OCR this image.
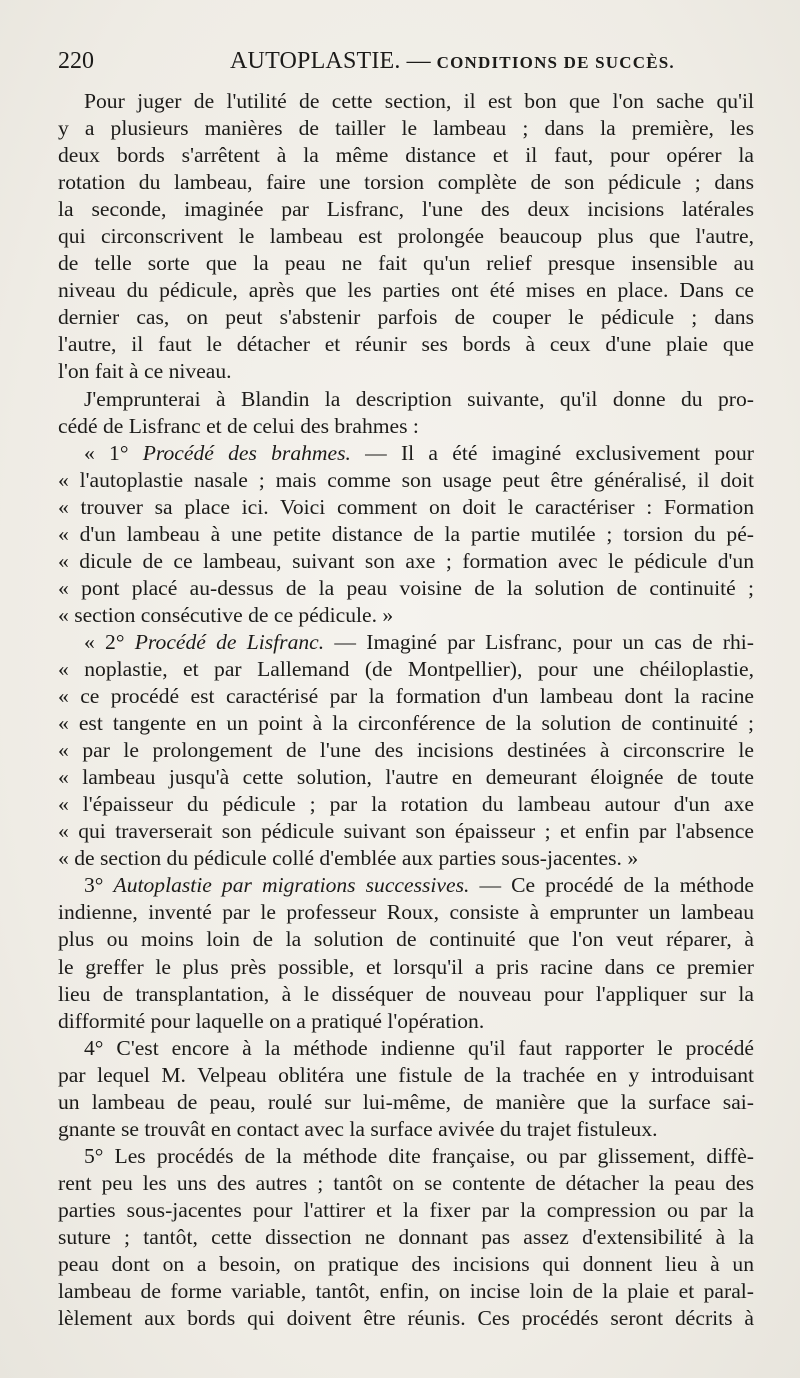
220	AUTOPLASTIE. — CONDITIONS DE SUCCÈS.
Pour juger de l'utilité de cette section, il est bon que l'on sache qu'il
y a plusieurs manières de tailler le lambeau ; dans la première, les
deux bords s'arrêtent à la même distance et il faut, pour opérer la
rotation du lambeau, faire une torsion complète de son pédicule ; dans
la seconde, imaginée par Lisfranc, l'une des deux incisions latérales
qui circonscrivent le lambeau est prolongée beaucoup plus que l'autre,
de telle sorte que la peau ne fait qu'un relief presque insensible au
niveau du pédicule, après que les parties ont été mises en place. Dans ce
dernier cas, on peut s'abstenir parfois de couper le pédicule ; dans
l'autre, il faut le détacher et réunir ses bords à ceux d'une plaie que
l'on fait à ce niveau.
J'emprunterai à Blandin la description suivante, qu'il donne du pro-
cédé de Lisfranc et de celui des brahmes :
« 1° Procédé des brahmes. — Il a été imaginé exclusivement pour
« l'autoplastie nasale ; mais comme son usage peut être généralisé, il doit
« trouver sa place ici. Voici comment on doit le caractériser : Formation
« d'un lambeau à une petite distance de la partie mutilée ; torsion du pé-
« dicule de ce lambeau, suivant son axe ; formation avec le pédicule d'un
« pont placé au-dessus de la peau voisine de la solution de continuité ;
« section consécutive de ce pédicule. »
« 2° Procédé de Lisfranc. — Imaginé par Lisfranc, pour un cas de rhi-
« noplastie, et par Lallemand (de Montpellier), pour une chéiloplastie,
« ce procédé est caractérisé par la formation d'un lambeau dont la racine
« est tangente en un point à la circonférence de la solution de continuité ;
« par le prolongement de l'une des incisions destinées à circonscrire le
« lambeau jusqu'à cette solution, l'autre en demeurant éloignée de toute
« l'épaisseur du pédicule ; par la rotation du lambeau autour d'un axe
« qui traverserait son pédicule suivant son épaisseur ; et enfin par l'absence
« de section du pédicule collé d'emblée aux parties sous-jacentes. »
3° Autoplastie par migrations successives. — Ce procédé de la méthode
indienne, inventé par le professeur Roux, consiste à emprunter un lambeau
plus ou moins loin de la solution de continuité que l'on veut réparer, à
le greffer le plus près possible, et lorsqu'il a pris racine dans ce premier
lieu de transplantation, à le disséquer de nouveau pour l'appliquer sur la
difformité pour laquelle on a pratiqué l'opération.
4° C'est encore à la méthode indienne qu'il faut rapporter le procédé
par lequel M. Velpeau oblitéra une fistule de la trachée en y introduisant
un lambeau de peau, roulé sur lui-même, de manière que la surface sai-
gnante se trouvât en contact avec la surface avivée du trajet fistuleux.
5° Les procédés de la méthode dite française, ou par glissement, diffè-
rent peu les uns des autres ; tantôt on se contente de détacher la peau des
parties sous-jacentes pour l'attirer et la fixer par la compression ou par la
suture ; tantôt, cette dissection ne donnant pas assez d'extensibilité à la
peau dont on a besoin, on pratique des incisions qui donnent lieu à un
lambeau de forme variable, tantôt, enfin, on incise loin de la plaie et paral-
lèlement aux bords qui doivent être réunis. Ces procédés seront décrits à
